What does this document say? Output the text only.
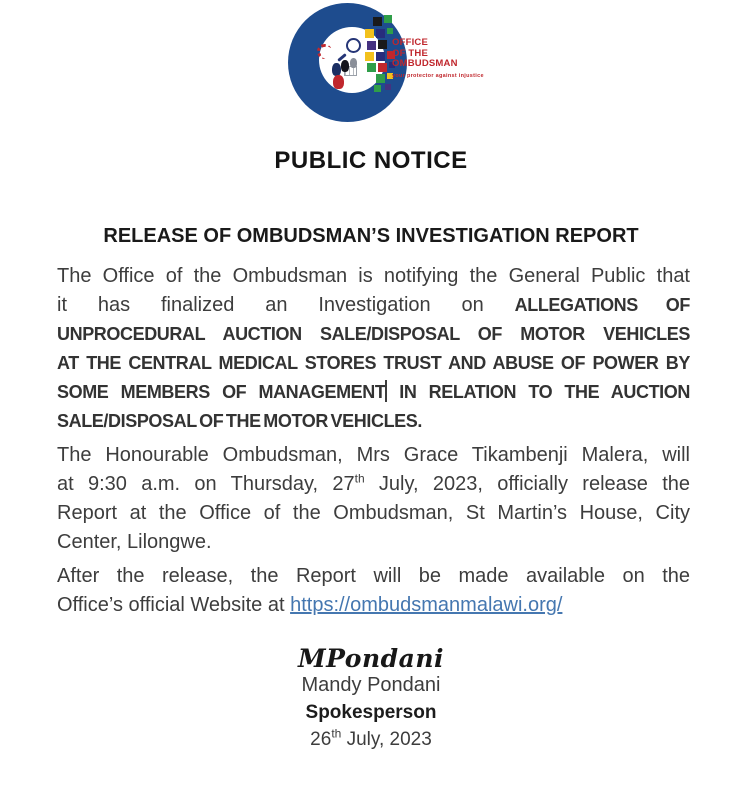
OFFICE
OF THE
OMBUDSMAN
your protector against injustice
PUBLIC NOTICE
RELEASE OF OMBUDSMAN’S INVESTIGATION REPORT
The Office of the Ombudsman is notifying the General Public that
it has finalized an Investigation on ALLEGATIONS OF
UNPROCEDURAL AUCTION SALE/DISPOSAL OF MOTOR VEHICLES
AT THE CENTRAL MEDICAL STORES TRUST AND ABUSE OF POWER BY
SOME MEMBERS OF MANAGEMENT IN RELATION TO THE AUCTION
SALE/DISPOSAL OF THE MOTOR VEHICLES.
The Honourable Ombudsman, Mrs Grace Tikambenji Malera, will
at 9:30 a.m. on Thursday, 27th July, 2023, officially release the
Report at the Office of the Ombudsman, St Martin’s House, City
Center, Lilongwe.
After the release, the Report will be made available on the
Office’s official Website at https://ombudsmanmalawi.org/
MPondani
Mandy Pondani
Spokesperson
26th July, 2023
